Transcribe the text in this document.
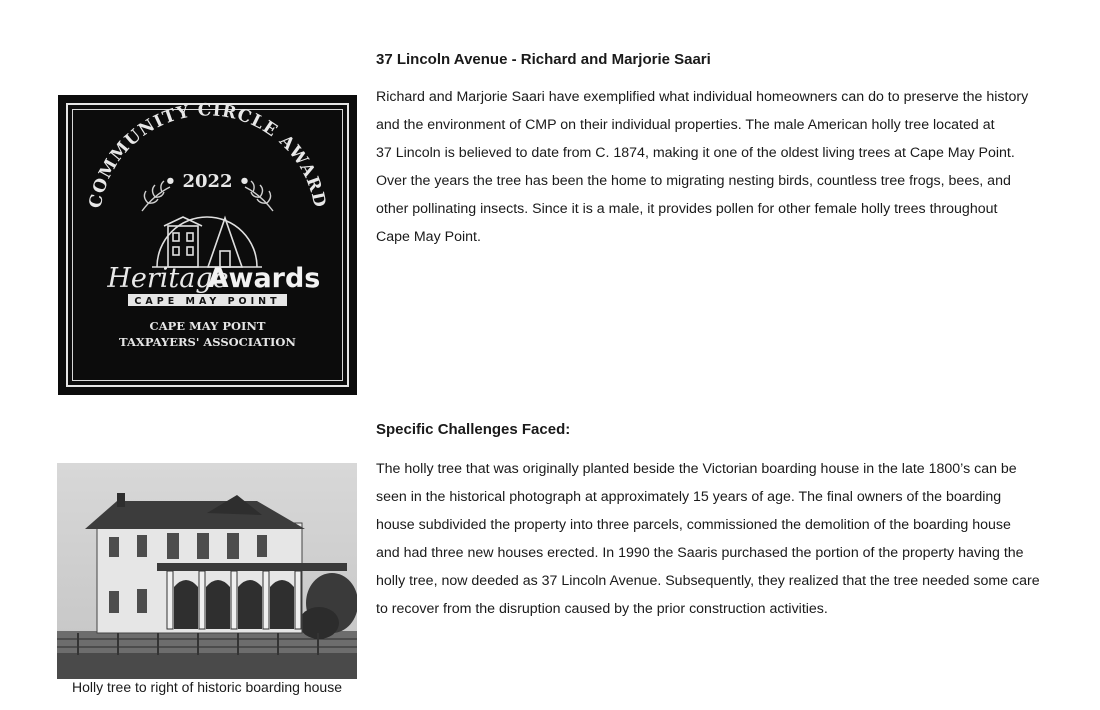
37 Lincoln Avenue - Richard and Marjorie Saari
Richard and Marjorie Saari have exemplified what individual homeowners can do to preserve the history
and the environment of CMP on their individual properties. The male American holly tree located at
37 Lincoln is believed to date from C. 1874, making it one of the oldest living trees at Cape May Point.
Over the years the tree has been the home to migrating nesting birds, countless tree frogs, bees, and
other pollinating insects. Since it is a male, it provides pollen for other female holly trees throughout
Cape May Point.
COMMUNITY CIRCLE AWARD
• 2022 •
Heritage
Awards
CAPE MAY POINT
CAPE MAY POINT
TAXPAYERS' ASSOCIATION
Specific Challenges Faced:
The holly tree that was originally planted beside the Victorian boarding house in the late 1800’s can be
seen in the historical photograph at approximately 15 years of age. The final owners of the boarding
house subdivided the property into three parcels, commissioned the demolition of the boarding house
and had three new houses erected. In 1990 the Saaris purchased the portion of the property having the
holly tree, now deeded as 37 Lincoln Avenue. Subsequently, they realized that the tree needed some care
to recover from the disruption caused by the prior construction activities.
Holly tree to right of historic boarding house
